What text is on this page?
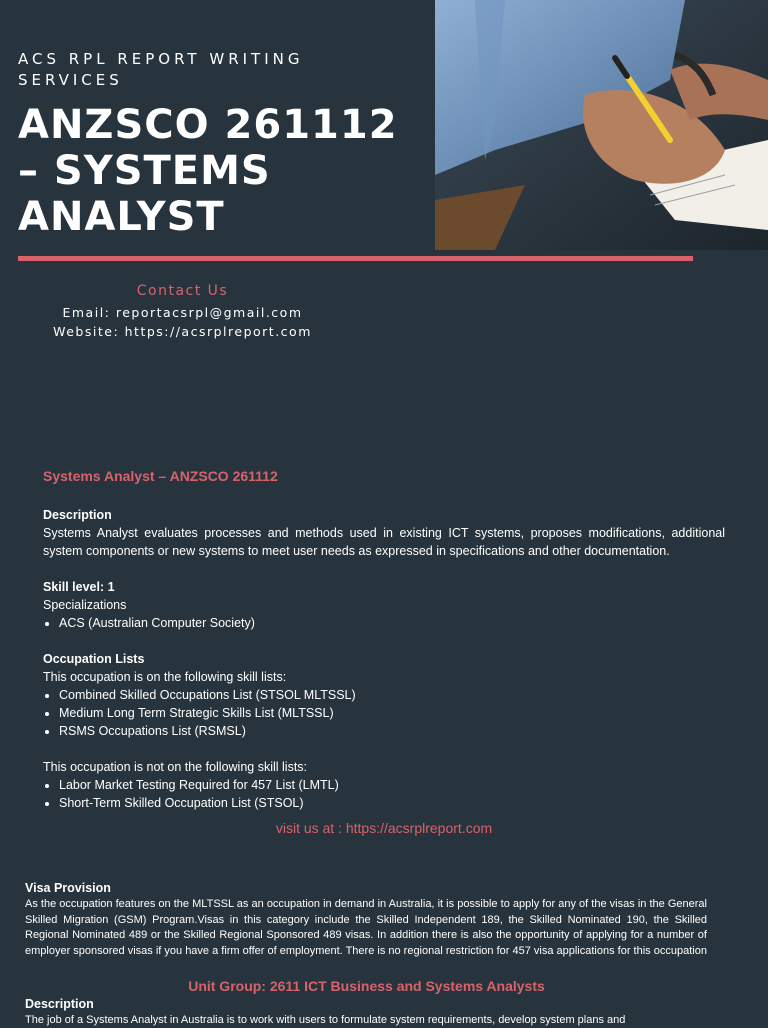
ACS RPL REPORT WRITING SERVICES
ANZSCO 261112 – SYSTEMS ANALYST
Contact Us
Email: reportacsrpl@gmail.com
Website: https://acsrplreport.com
Systems Analyst – ANZSCO 261112
Description
Systems Analyst evaluates processes and methods used in existing ICT systems, proposes modifications, additional system components or new systems to meet user needs as expressed in specifications and other documentation.
Skill level: 1
Specializations
• ACS (Australian Computer Society)
Occupation Lists
This occupation is on the following skill lists:
• Combined Skilled Occupations List (STSOL MLTSSL)
• Medium Long Term Strategic Skills List (MLTSSL)
• RSMS Occupations List (RSMSL)
This occupation is not on the following skill lists:
• Labor Market Testing Required for 457 List (LMTL)
• Short-Term Skilled Occupation List (STSOL)
visit us at : https://acsrplreport.com
Visa Provision
As the occupation features on the MLTSSL as an occupation in demand in Australia, it is possible to apply for any of the visas in the General Skilled Migration (GSM) Program.Visas in this category include the Skilled Independent 189, the Skilled Nominated 190, the Skilled Regional Nominated 489 or the Skilled Regional Sponsored 489 visas. In addition there is also the opportunity of applying for a number of employer sponsored visas if you have a firm offer of employment. There is no regional restriction for 457 visa applications for this occupation
Unit Group: 2611 ICT Business and Systems Analysts
Description
The job of a Systems Analyst in Australia is to work with users to formulate system requirements, develop system plans and
